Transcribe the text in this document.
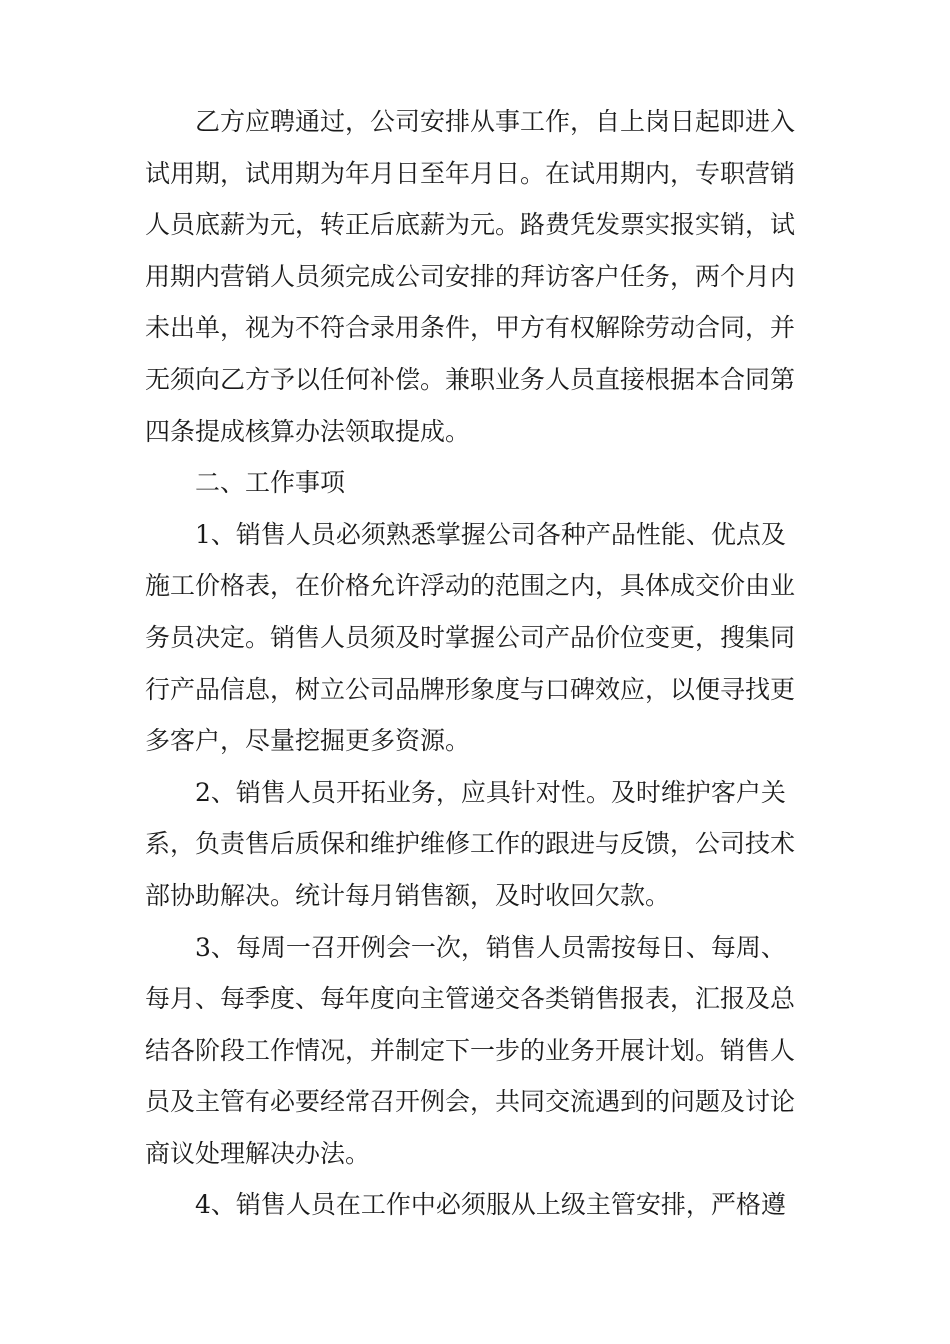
乙方应聘通过，公司安排从事工作，自上岗日起即进入
试用期，试用期为年月日至年月日。在试用期内，专职营销
人员底薪为元，转正后底薪为元。路费凭发票实报实销，试
用期内营销人员须完成公司安排的拜访客户任务，两个月内
未出单，视为不符合录用条件，甲方有权解除劳动合同，并
无须向乙方予以任何补偿。兼职业务人员直接根据本合同第
四条提成核算办法领取提成。
二、工作事项
1、销售人员必须熟悉掌握公司各种产品性能、优点及
施工价格表，在价格允许浮动的范围之内，具体成交价由业
务员决定。销售人员须及时掌握公司产品价位变更，搜集同
行产品信息，树立公司品牌形象度与口碑效应，以便寻找更
多客户，尽量挖掘更多资源。
2、销售人员开拓业务，应具针对性。及时维护客户关
系，负责售后质保和维护维修工作的跟进与反馈，公司技术
部协助解决。统计每月销售额，及时收回欠款。
3、每周一召开例会一次，销售人员需按每日、每周、
每月、每季度、每年度向主管递交各类销售报表，汇报及总
结各阶段工作情况，并制定下一步的业务开展计划。销售人
员及主管有必要经常召开例会，共同交流遇到的问题及讨论
商议处理解决办法。
4、销售人员在工作中必须服从上级主管安排，严格遵
